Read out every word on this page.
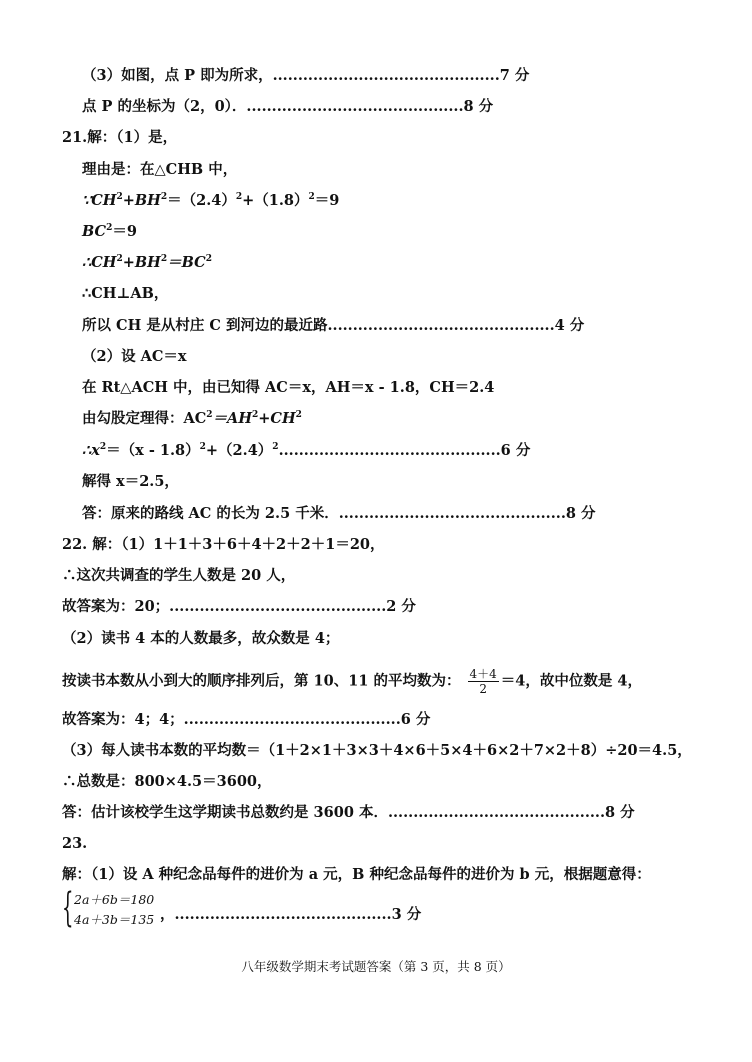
（3）如图，点 P 即为所求，.............................................7 分
点 P 的坐标为（2，0）．...........................................8 分
21.解：（1）是，
理由是：在△CHB 中，
$\because CH^2+BH^2=(2.4)^2+(1.8)^2=9$
$BC^2=9$
$\therefore CH^2+BH^2=BC^2$
∴CH⊥AB，
所以 CH 是从村庄 C 到河边的最近路.............................................4 分
（2）设 AC＝x
在 Rt△ACH 中，由已知得 AC＝x，AH＝x - 1.8，CH＝2.4
由勾股定理得：$AC^2=AH^2+CH^2$
$\therefore x^2=(x - 1.8)^2+(2.4)^2............................................6$ 分
解得 x＝2.5，
答：原来的路线 AC 的长为 2.5 千米．.............................................8 分
22. 解：（1）1＋1＋3＋6＋4＋2＋2＋1＝20，
∴这次共调查的学生人数是 20 人，
故答案为：20；...........................................2 分
（2）读书 4 本的人数最多，故众数是 4；
按读书本数从小到大的顺序排列后，第 10、11 的平均数为： $\frac{4+4}{2} =4$，故中位数是 4，
故答案为：4；4；...........................................6 分
（3）每人读书本数的平均数＝（1＋2×1＋3×3＋4×6＋5×4＋6×2＋7×2＋8）÷20＝4.5，
∴总数是：800×4.5＝3600，
答：估计该校学生这学期读书总数约是 3600 本．...........................................8 分
23.
解：（1）设 A 种纪念品每件的进价为 a 元，B 种纪念品每件的进价为 b 元，根据题意得：
{ 2a＋6b＝180
4a＋3b＝135 ，...........................................3 分
八年级数学期末考试题答案（第 3 页，共 8 页）
